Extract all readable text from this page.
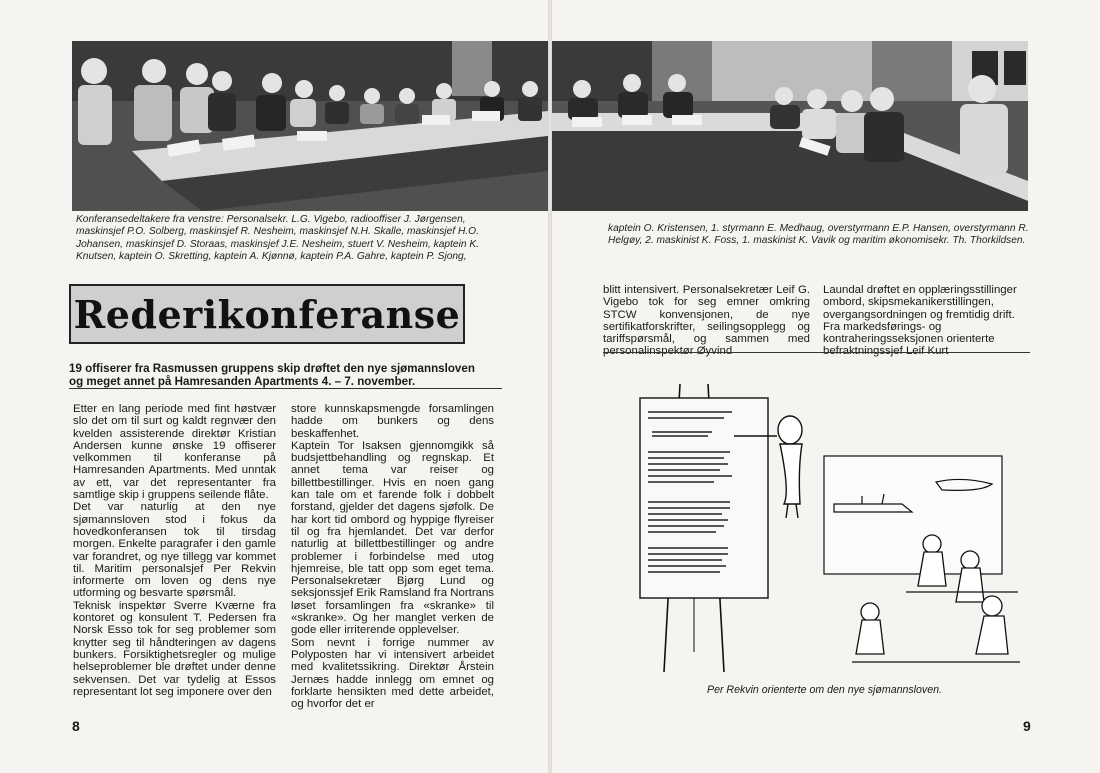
Konferansedeltakere fra venstre: Personalsekr. L.G. Vigebo, radiooffiser J. Jørgensen, maskinsjef P.O. Solberg, maskinsjef R. Nesheim, maskinsjef N.H. Skalle, maskinsjef H.O. Johansen, maskinsjef D. Storaas, maskinsjef J.E. Nesheim, stuert V. Nesheim, kaptein K. Knutsen, kaptein O. Skretting, kaptein A. Kjønnø, kaptein P.A. Gahre, kaptein P. Sjong,
Rederikonferanse
19 offiserer fra Rasmussen gruppens skip drøftet den nye sjømannsloven og meget annet på Hamresanden Apartments 4. – 7. november.
Etter en lang periode med fint høstvær slo det om til surt og kaldt regnvær den kvelden assisterende direktør Kristian Andersen kunne ønske 19 offiserer velkommen til konferanse på Hamresanden Apartments. Med unntak av ett, var det representanter fra samtlige skip i gruppens seilende flåte.
Det var naturlig at den nye sjømannsloven stod i fokus da hovedkonferansen tok til tirsdag morgen. Enkelte paragrafer i den gamle var forandret, og nye tillegg var kommet til. Maritim personalsjef Per Rekvin informerte om loven og dens nye utforming og besvarte spørsmål.
Teknisk inspektør Sverre Kværne fra kontoret og konsulent T. Pedersen fra Norsk Esso tok for seg problemer som knytter seg til håndteringen av dagens bunkers. Forsiktighetsregler og mulige helseproblemer ble drøftet under denne sekvensen. Det var tydelig at Essos representant lot seg imponere over den
store kunnskapsmengde forsamlingen hadde om bunkers og dens beskaffenhet.
Kaptein Tor Isaksen gjennomgikk så budsjettbehandling og regnskap. Et annet tema var reiser og billettbestillinger. Hvis en noen gang kan tale om et farende folk i dobbelt forstand, gjelder det dagens sjøfolk. De har kort tid ombord og hyppige flyreiser til og fra hjemlandet. Det var derfor naturlig at billettbestillinger og andre problemer i forbindelse med utog hjemreise, ble tatt opp som eget tema. Personalsekretær Bjørg Lund og seksjonssjef Erik Ramsland fra Nortrans løset forsamlingen fra «skranke» til «skranke». Og her manglet verken de gode eller irriterende opplevelser.
Som nevnt i forrige nummer av Polyposten har vi intensivert arbeidet med kvalitetssikring. Direktør Årstein Jernæs hadde innlegg om emnet og forklarte hensikten med dette arbeidet, og hvorfor det er
8
kaptein O. Kristensen, 1. styrmann E. Medhaug, overstyrmann E.P. Hansen, overstyrmann R. Helgøy, 2. maskinist K. Foss, 1. maskinist K. Vavik og maritim økonomisekr. Th. Thorkildsen.
blitt intensivert. Personalsekretær Leif G. Vigebo tok for seg emner omkring STCW konvensjonen, de nye sertifikatforskrifter, seilingsopplegg og tariffspørsmål, og sammen med personalinspektør Øyvind
Laundal drøftet en opplæringsstillinger ombord, skipsmekanikerstillingen, overgangsordningen og fremtidig drift. Fra markedsførings- og kontraheringsseksjonen orienterte befraktningssjef Leif Kurt
9
Per Rekvin orienterte om den nye sjømannsloven.
